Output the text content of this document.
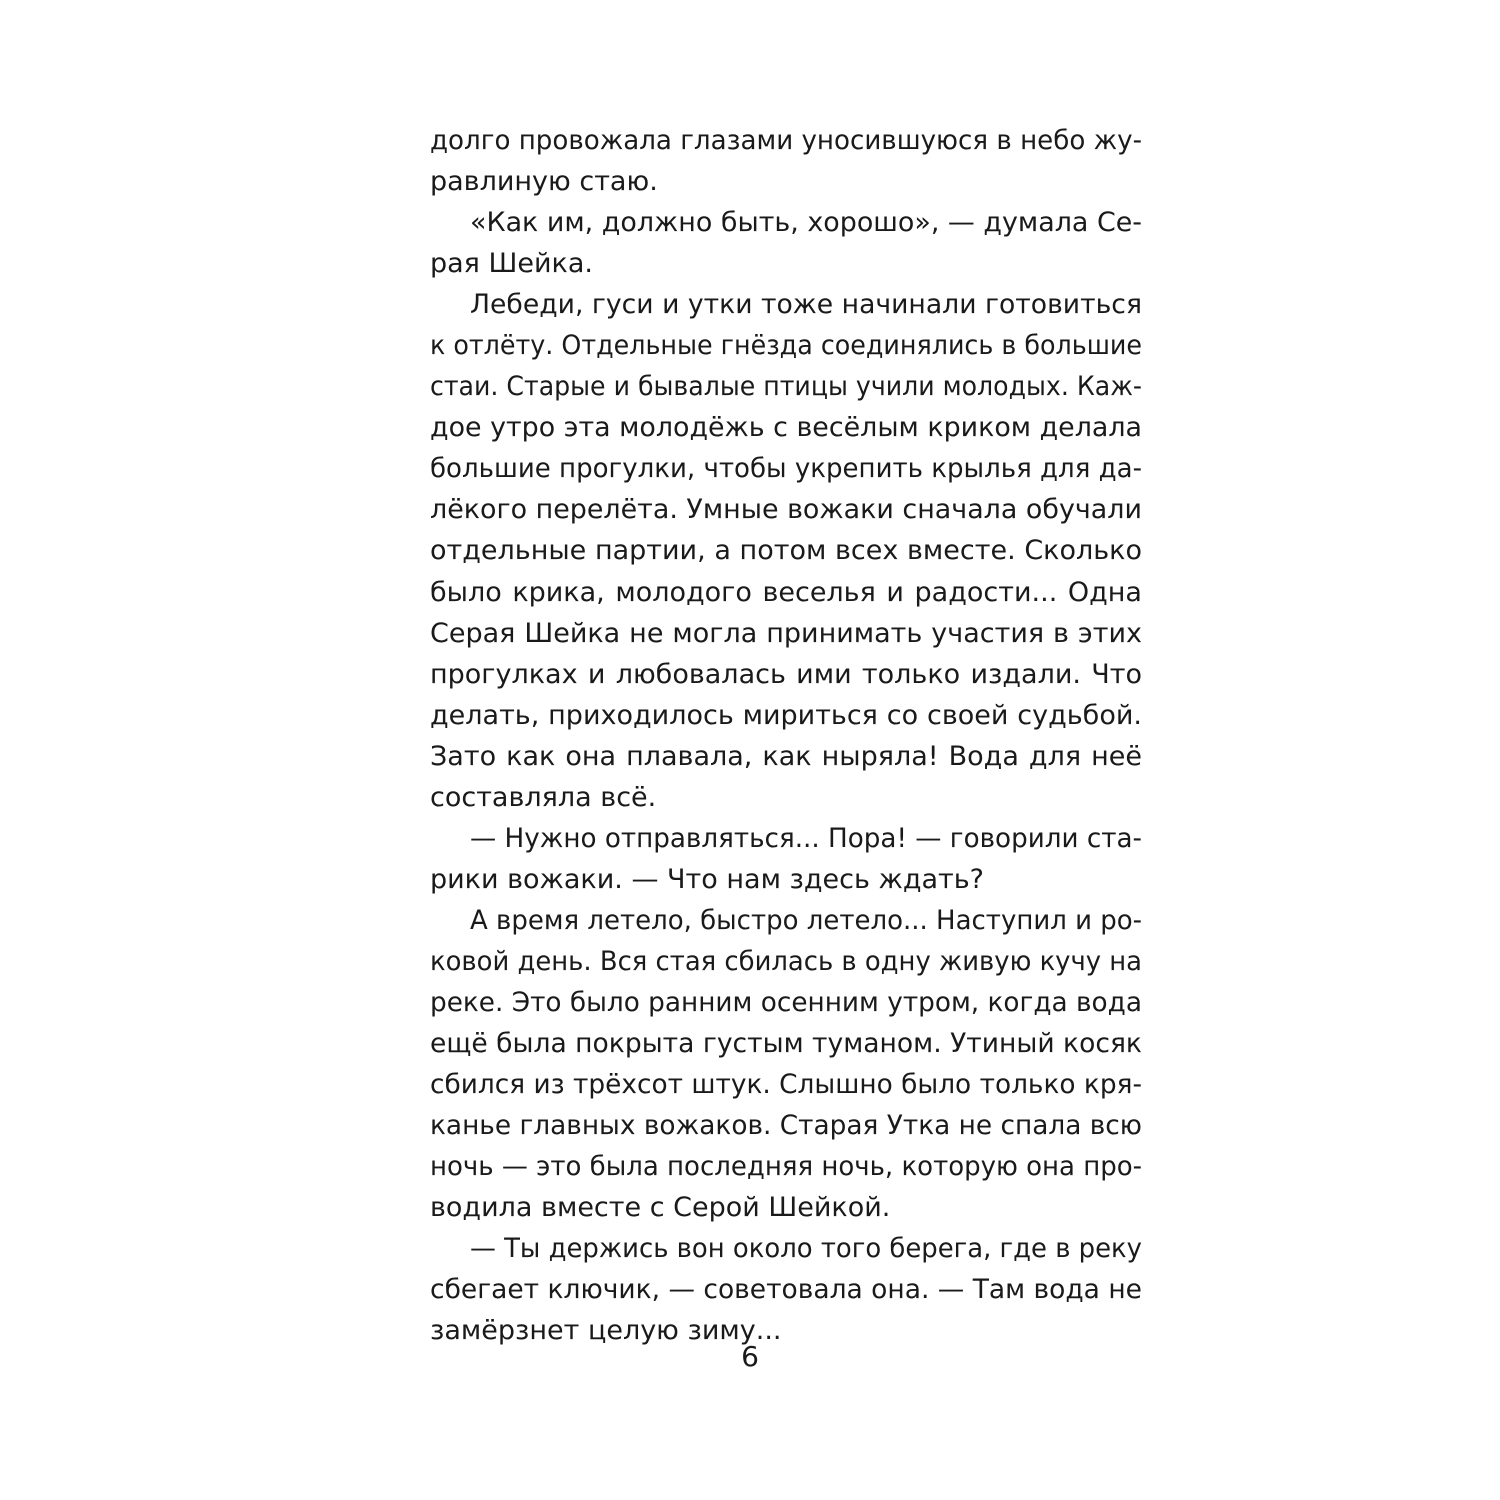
долго провожала глазами уносившуюся в небо жу-
равлиную стаю.
«Как им, должно быть, хорошо», — думала Се-
рая Шейка.
Лебеди, гуси и утки тоже начинали готовиться
к отлёту. Отдельные гнёзда соединялись в большие
стаи. Старые и бывалые птицы учили молодых. Каж-
дое утро эта молодёжь с весёлым криком делала
большие прогулки, чтобы укрепить крылья для да-
лёкого перелёта. Умные вожаки сначала обучали
отдельные партии, а потом всех вместе. Сколько
было крика, молодого веселья и радости... Одна
Серая Шейка не могла принимать участия в этих
прогулках и любовалась ими только издали. Что
делать, приходилось мириться со своей судьбой.
Зато как она плавала, как ныряла! Вода для неё
составляла всё.
— Нужно отправляться... Пора! — говорили ста-
рики вожаки. — Что нам здесь ждать?
А время летело, быстро летело... Наступил и ро-
ковой день. Вся стая сбилась в одну живую кучу на
реке. Это было ранним осенним утром, когда вода
ещё была покрыта густым туманом. Утиный косяк
сбился из трёхсот штук. Слышно было только кря-
канье главных вожаков. Старая Утка не спала всю
ночь — это была последняя ночь, которую она про-
водила вместе с Серой Шейкой.
— Ты держись вон около того берега, где в реку
сбегает ключик, — советовала она. — Там вода не
замёрзнет целую зиму...
6
